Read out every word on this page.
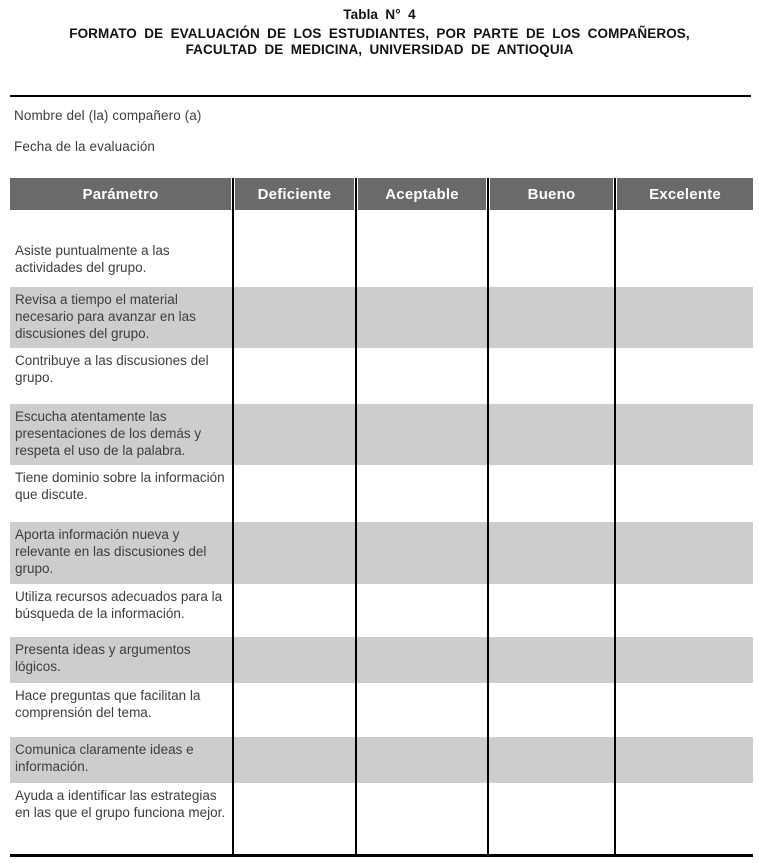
Tabla N° 4
FORMATO DE EVALUACIÓN DE LOS ESTUDIANTES, POR PARTE DE LOS COMPAÑEROS,
FACULTAD DE MEDICINA, UNIVERSIDAD DE ANTIOQUIA
Nombre del (la) compañero (a)
Fecha de la evaluación
Parámetro	Deficiente	Aceptable	Bueno	Excelente
Asiste puntualmente a las actividades del grupo.				
Revisa a tiempo el material necesario para avanzar en las discusiones del grupo.				
Contribuye a las discusiones del grupo.				
Escucha atentamente las presentaciones de los demás y respeta el uso de la palabra.				
Tiene dominio sobre la información que discute.				
Aporta información nueva y relevante en las discusiones del grupo.				
Utiliza recursos adecuados para la búsqueda de la información.				
Presenta ideas y argumentos lógicos.				
Hace preguntas que facilitan la comprensión del tema.				
Comunica claramente ideas e información.				
Ayuda a identificar las estrategias en las que el grupo funciona mejor.				
